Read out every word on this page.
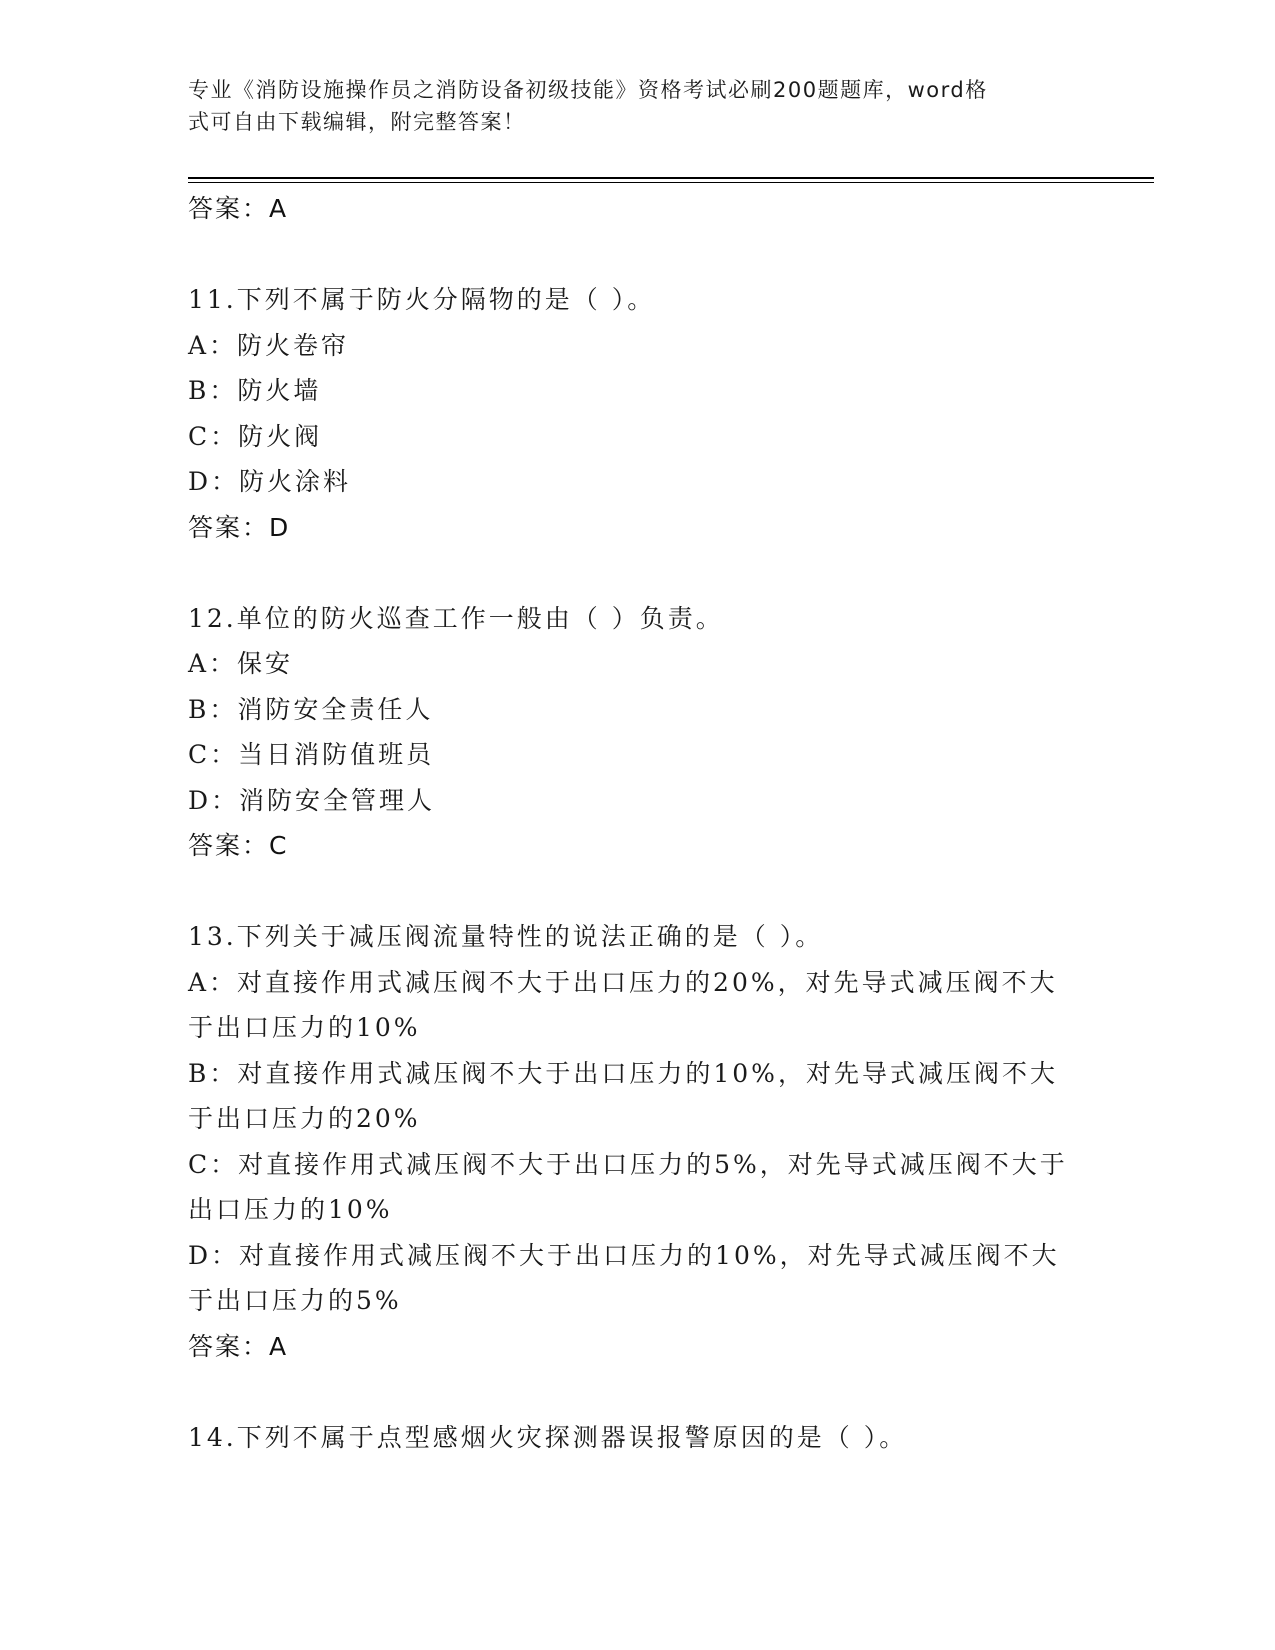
专业《消防设施操作员之消防设备初级技能》资格考试必刷200题题库，word格
式可自由下载编辑，附完整答案！
答案：A
11.下列不属于防火分隔物的是（ ）。
A：防火卷帘
B：防火墙
C：防火阀
D：防火涂料
答案：D
12.单位的防火巡查工作一般由（ ）负责。
A：保安
B：消防安全责任人
C：当日消防值班员
D：消防安全管理人
答案：C
13.下列关于减压阀流量特性的说法正确的是（ ）。
A：对直接作用式减压阀不大于出口压力的20%，对先导式减压阀不大
于出口压力的10%
B：对直接作用式减压阀不大于出口压力的10%，对先导式减压阀不大
于出口压力的20%
C：对直接作用式减压阀不大于出口压力的5%，对先导式减压阀不大于
出口压力的10%
D：对直接作用式减压阀不大于出口压力的10%，对先导式减压阀不大
于出口压力的5%
答案：A
14.下列不属于点型感烟火灾探测器误报警原因的是（ ）。
